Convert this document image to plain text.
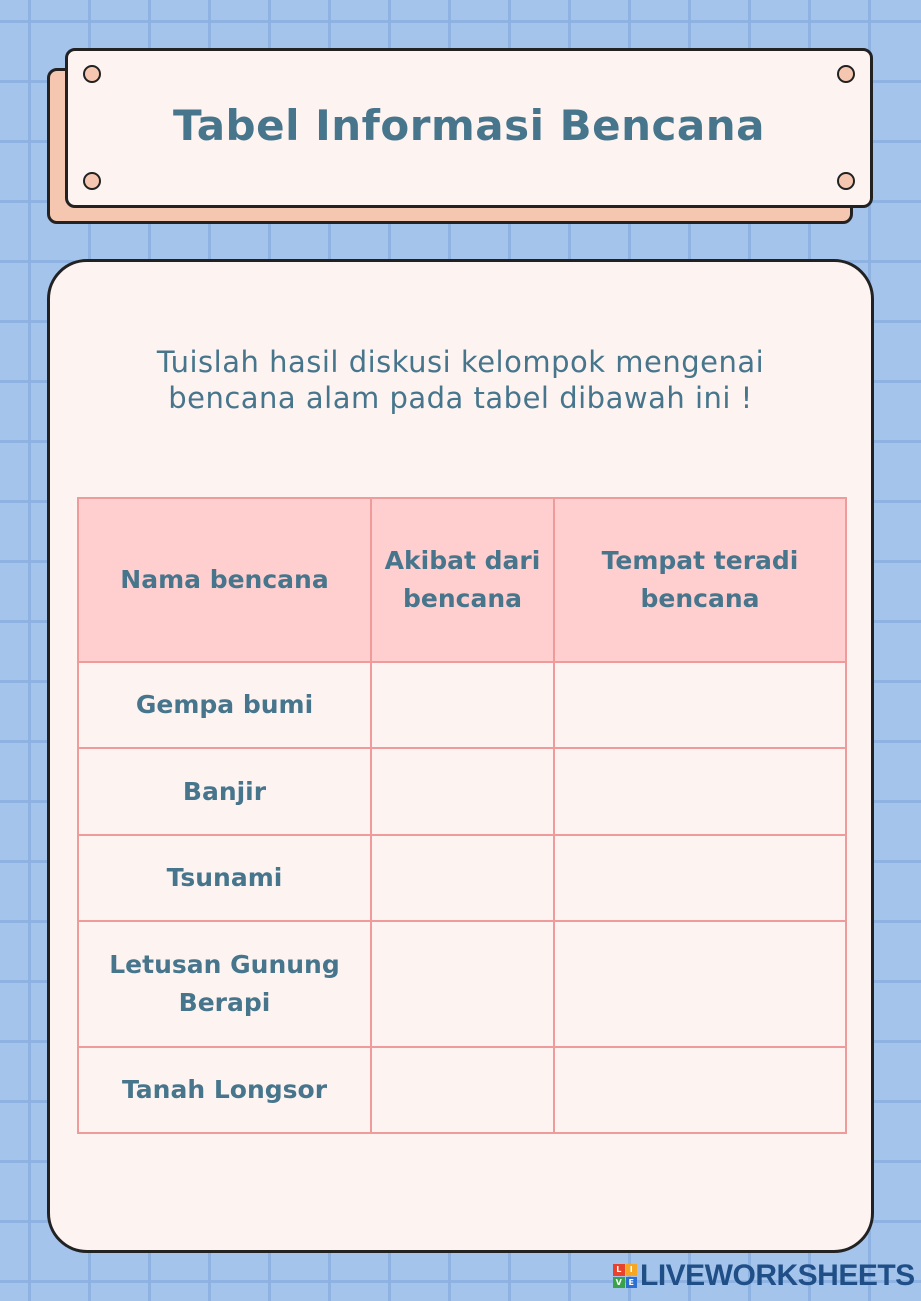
Tabel Informasi Bencana
Tuislah hasil diskusi kelompok mengenai
bencana alam pada tabel dibawah ini !
Nama bencana	Akibat dari bencana	Tempat teradi bencana
Gempa bumi		
Banjir		
Tsunami		
Letusan Gunung Berapi		
Tanah Longsor		
L	I
V E LIVEWORKSHEETS
